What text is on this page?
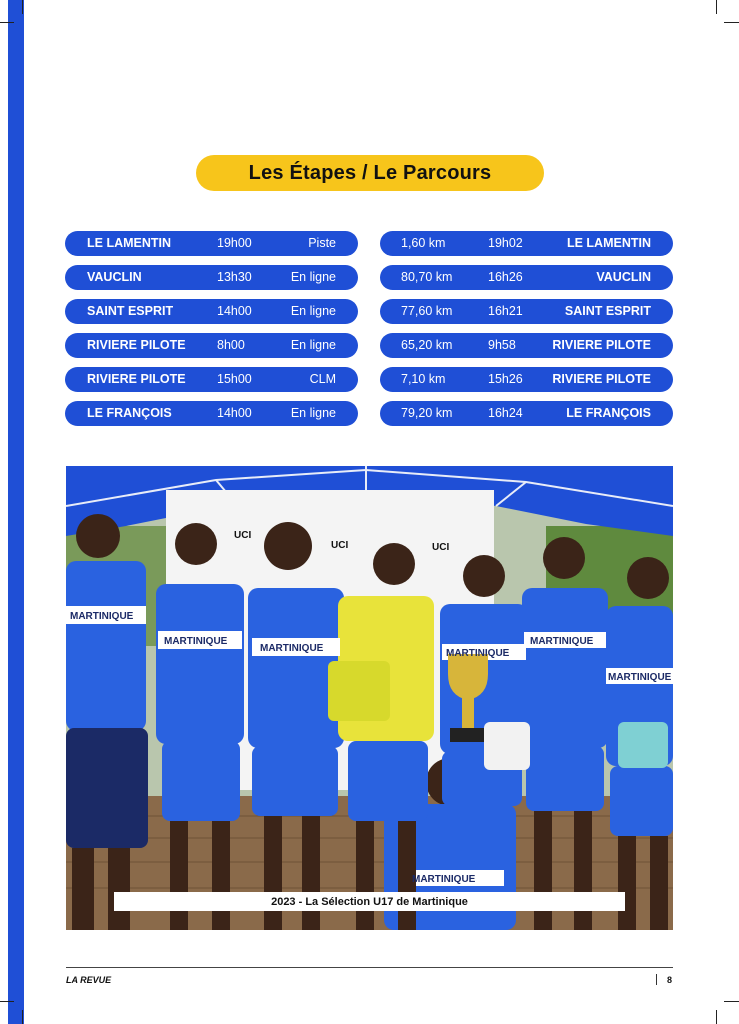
Les Étapes / Le Parcours
LE LAMENTIN	19h00	Piste
VAUCLIN	13h30	En ligne
SAINT ESPRIT	14h00	En ligne
RIVIERE PILOTE	8h00	En ligne
RIVIERE PILOTE	15h00	CLM
LE FRANÇOIS	14h00	En ligne
1,60 km	19h02	LE LAMENTIN
80,70 km	16h26	VAUCLIN
77,60 km	16h21	SAINT ESPRIT
65,20 km	9h58	RIVIERE PILOTE
7,10 km	15h26 RIVIERE PILOTE
79,20 km	16h24	LE FRANÇOIS
UCI
UCI	UCI
MARTINIQUE
MARTINIQUE
MARTINIQUE	MARTINIQUE
MARTINIQUE
MARTINIQUE
MARTINIQUE
2023 - La Sélection U17 de Martinique
LA REVUE	8
